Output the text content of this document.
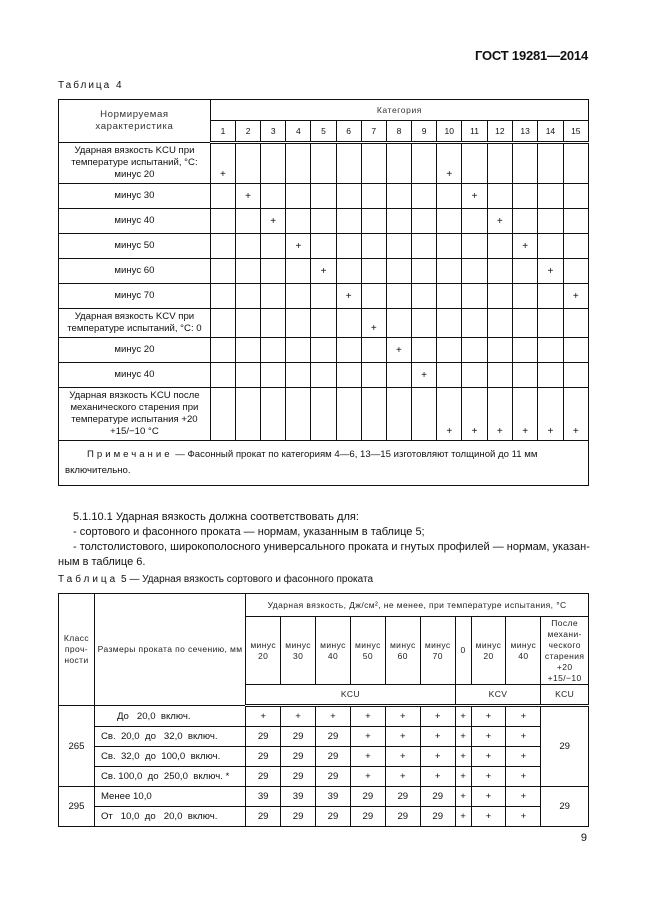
ГОСТ 19281—2014
Таблица 4
Нормируемая характеристика	Категория														
	1	2	3	4	5	6	7	8	9	10	11	12	13	14	15
Ударная вязкость KCU при температуре испытаний, °С: минус 20	+									+					
минус 30		+									+				
минус 40			+									+			
минус 50				+									+		
минус 60					+									+	
минус 70						+									+
Ударная вязкость KCV при температуре испытаний, °С: 0							+								
минус 20								+							
минус 40									+						
Ударная вязкость KCU после механического старения при температуре испытания +20 +15/−10 °С										+	+	+	+	+	+
Примечание — Фасонный прокат по категориям 4—6, 13—15 изготовляют толщиной до 11 мм включительно.															
5.1.10.1 Ударная вязкость должна соответствовать для:
- сортового и фасонного проката — нормам, указанным в таблице 5;
- толстолистового, широкополосного универсального проката и гнутых профилей — нормам, указан-
ным в таблице 6.
Таблица 5 — Ударная вязкость сортового и фасонного проката
Класс проч-ности	Размеры проката по сечению, мм	Ударная вязкость, Дж/см², не менее, при температуре испытания, °С									
		минус 20	минус 30	минус 40	минус 50	минус 60	минус 70	0	минус 20	минус 40	После механи-ческого старения +20 +15/−10
		KCU						KCV			KCU
265	До   20,0  включ.	+	+	+	+	+	+	+	+	+	29
	Св.  20,0  до   32,0  включ.	29	29	29	+	+	+	+	+	+	
	Св.  32,0  до  100,0  включ.	29	29	29	+	+	+	+	+	+	
	Св. 100,0  до  250,0  включ. *	29	29	29	+	+	+	+	+	+	
295	Менее 10,0	39	39	39	29	29	29	+	+	+	29
	От   10,0  до   20,0  включ.	29	29	29	29	29	29	+	+	+	
9
